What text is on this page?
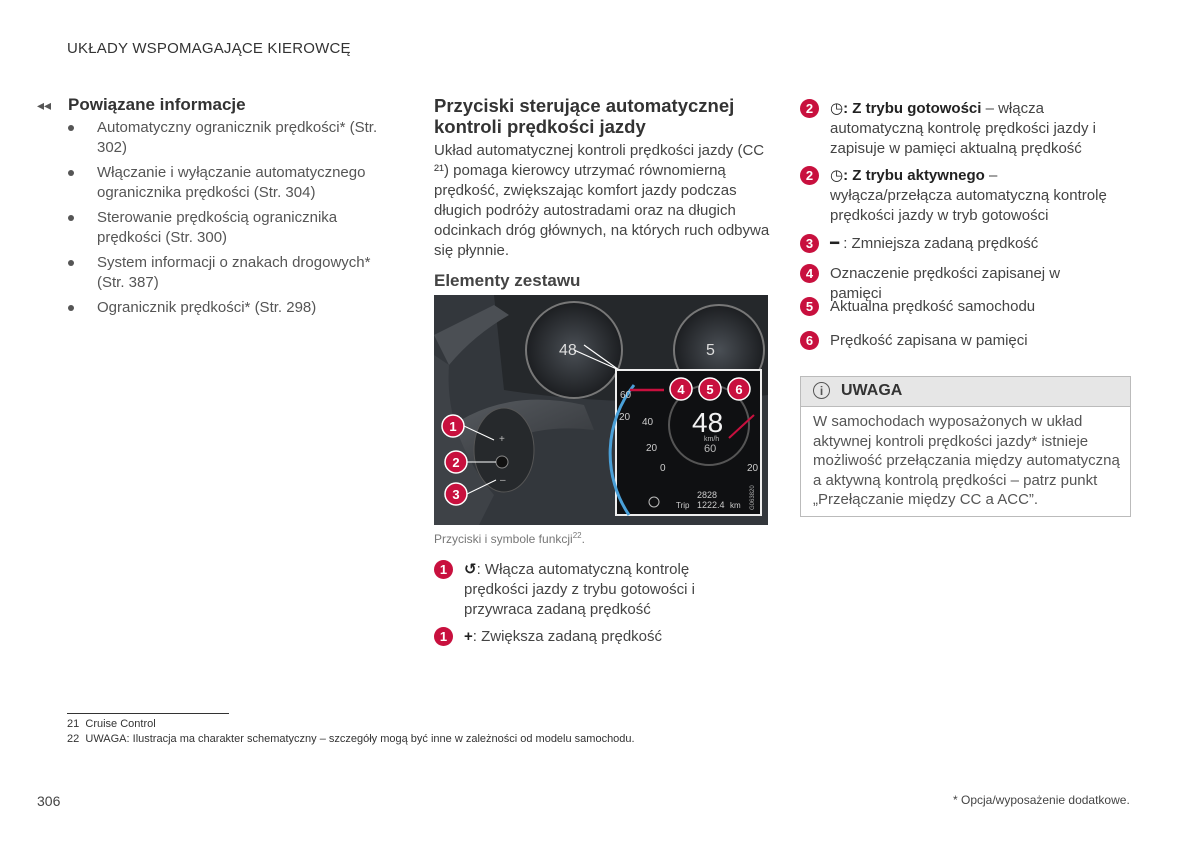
UKŁADY WSPOMAGAJĄCE KIEROWCĘ
◂◂ Powiązane informacje
Automatyczny ogranicznik prędkości* (Str. 302)
Włączanie i wyłączanie automatycznego ogranicznika prędkości (Str. 304)
Sterowanie prędkością ogranicznika prędkości (Str. 300)
System informacji o znakach drogowych* (Str. 387)
Ogranicznik prędkości* (Str. 298)
Przyciski sterujące automatycznej kontroli prędkości jazdy
Układ automatycznej kontroli prędkości jazdy (CC ²¹) pomaga kierowcy utrzymać równomierną prędkość, zwiększając komfort jazdy podczas długich podróży autostradami oraz na długich odcinkach dróg głównych, na których ruch odbywa się płynnie.
Elementy zestawu
48	5
+
–
60
40
20
0
20
20
48
km/h
60
2828
Trip 1222.4 km G063820
1
2
3
4 5 6
Przyciski i symbole funkcji$^{22}$.
1	↺: Włącza automatyczną kontrolę prędkości jazdy z trybu gotowości i przywraca zadaną prędkość
1	+: Zwiększa zadaną prędkość
2	◷: Z trybu gotowości – włącza automatyczną kontrolę prędkości jazdy i zapisuje w pamięci aktualną prędkość
2	◷: Z trybu aktywnego – wyłącza/przełącza automatyczną kontrolę prędkości jazdy w tryb gotowości
3	━ : Zmniejsza zadaną prędkość
4	Oznaczenie prędkości zapisanej w pamięci
5	Aktualna prędkość samochodu
6	Prędkość zapisana w pamięci
i	UWAGA
W samochodach wyposażonych w układ aktywnej kontroli prędkości jazdy* istnieje możliwość przełączania między automatyczną a aktywną kontrolą prędkości – patrz punkt „Przełączanie między CC a ACC”.
21 Cruise Control
22 UWAGA: Ilustracja ma charakter schematyczny – szczegóły mogą być inne w zależności od modelu samochodu.
306	* Opcja/wyposażenie dodatkowe.
